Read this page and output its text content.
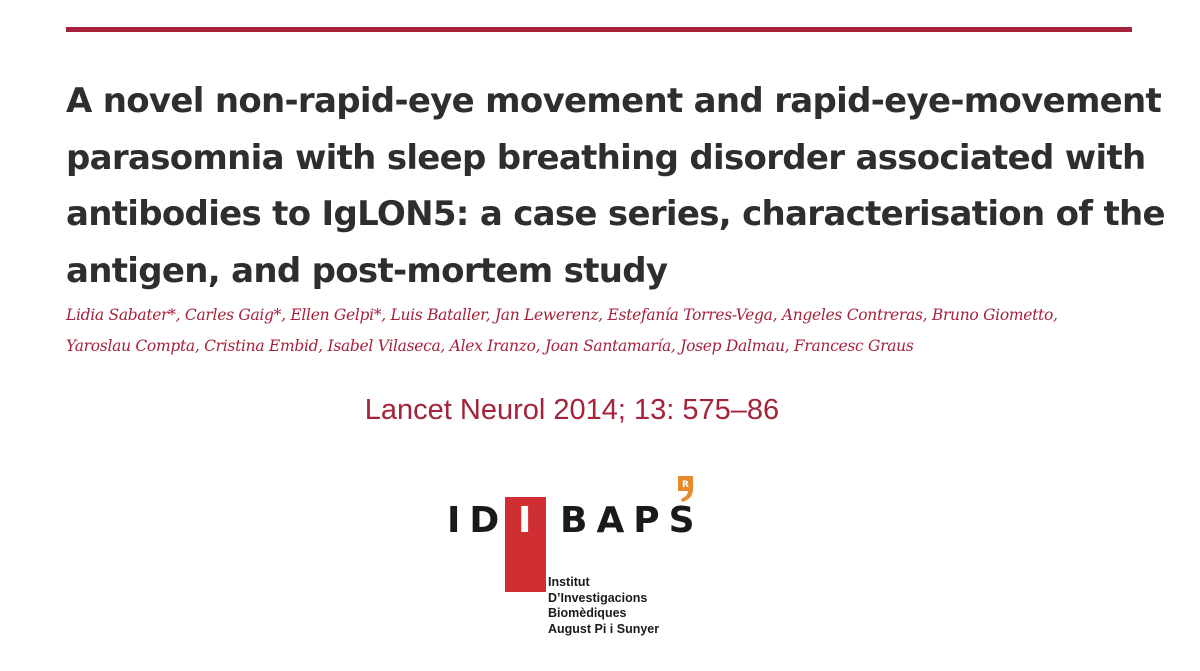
A novel non-rapid-eye movement and rapid-eye-movement
parasomnia with sleep breathing disorder associated with
antibodies to IgLON5: a case series, characterisation of the
antigen, and post-mortem study

Lidia Sabater*, Carles Gaig*, Ellen Gelpi*, Luis Bataller, Jan Lewerenz, Estefanía Torres-Vega, Angeles Contreras, Bruno Giometto,
Yaroslau Compta, Cristina Embid, Isabel Vilaseca, Alex Iranzo, Joan Santamaría, Josep Dalmau, Francesc Graus

Lancet Neurol 2014; 13: 575–86

ID I BAPS
R

Institut
D’Investigacions
Biomèdiques
August Pi i Sunyer
